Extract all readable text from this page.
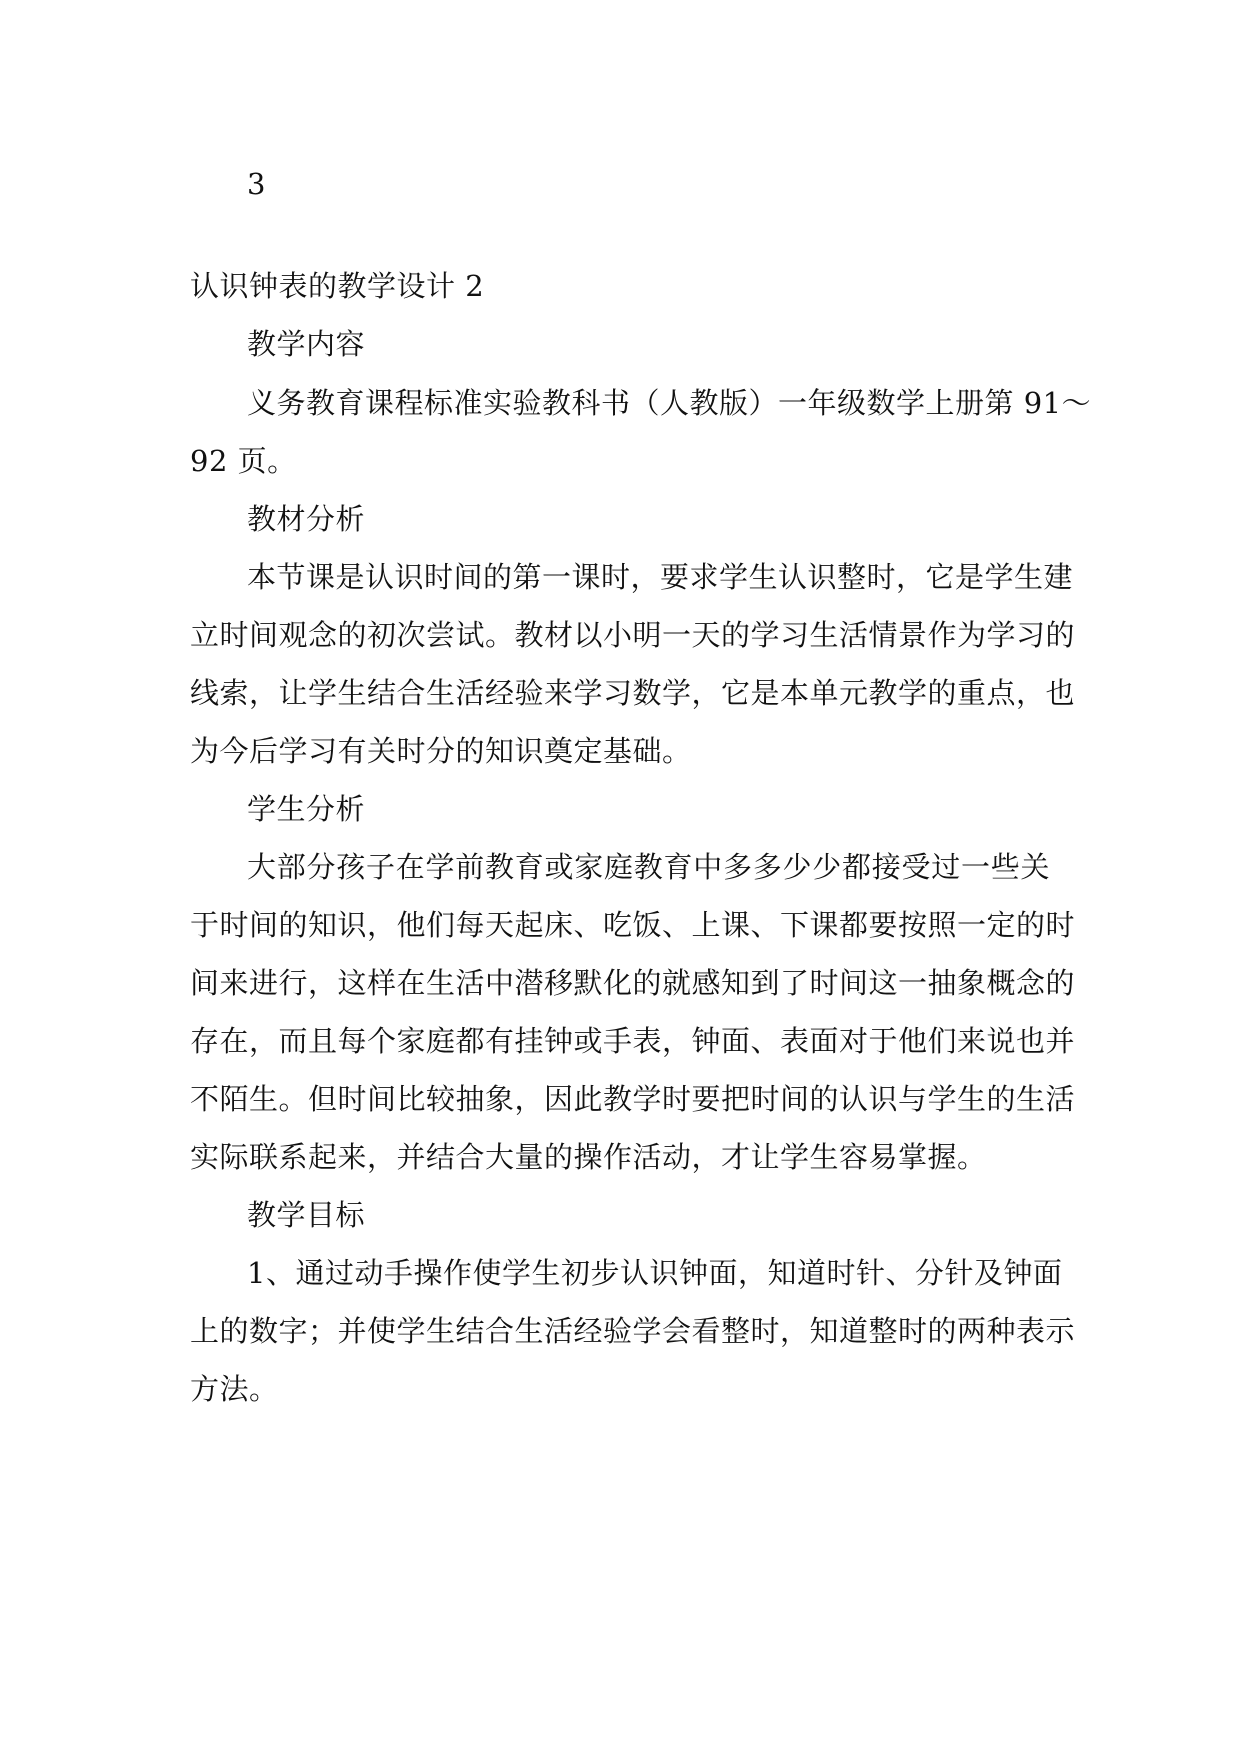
3
认识钟表的教学设计 2
教学内容
义务教育课程标准实验教科书（人教版）一年级数学上册第 91～
92 页。
教材分析
本节课是认识时间的第一课时，要求学生认识整时，它是学生建
立时间观念的初次尝试。教材以小明一天的学习生活情景作为学习的
线索，让学生结合生活经验来学习数学，它是本单元教学的重点，也
为今后学习有关时分的知识奠定基础。
学生分析
大部分孩子在学前教育或家庭教育中多多少少都接受过一些关
于时间的知识，他们每天起床、吃饭、上课、下课都要按照一定的时
间来进行，这样在生活中潜移默化的就感知到了时间这一抽象概念的
存在，而且每个家庭都有挂钟或手表，钟面、表面对于他们来说也并
不陌生。但时间比较抽象，因此教学时要把时间的认识与学生的生活
实际联系起来，并结合大量的操作活动，才让学生容易掌握。
教学目标
1、通过动手操作使学生初步认识钟面，知道时针、分针及钟面
上的数字；并使学生结合生活经验学会看整时，知道整时的两种表示
方法。
